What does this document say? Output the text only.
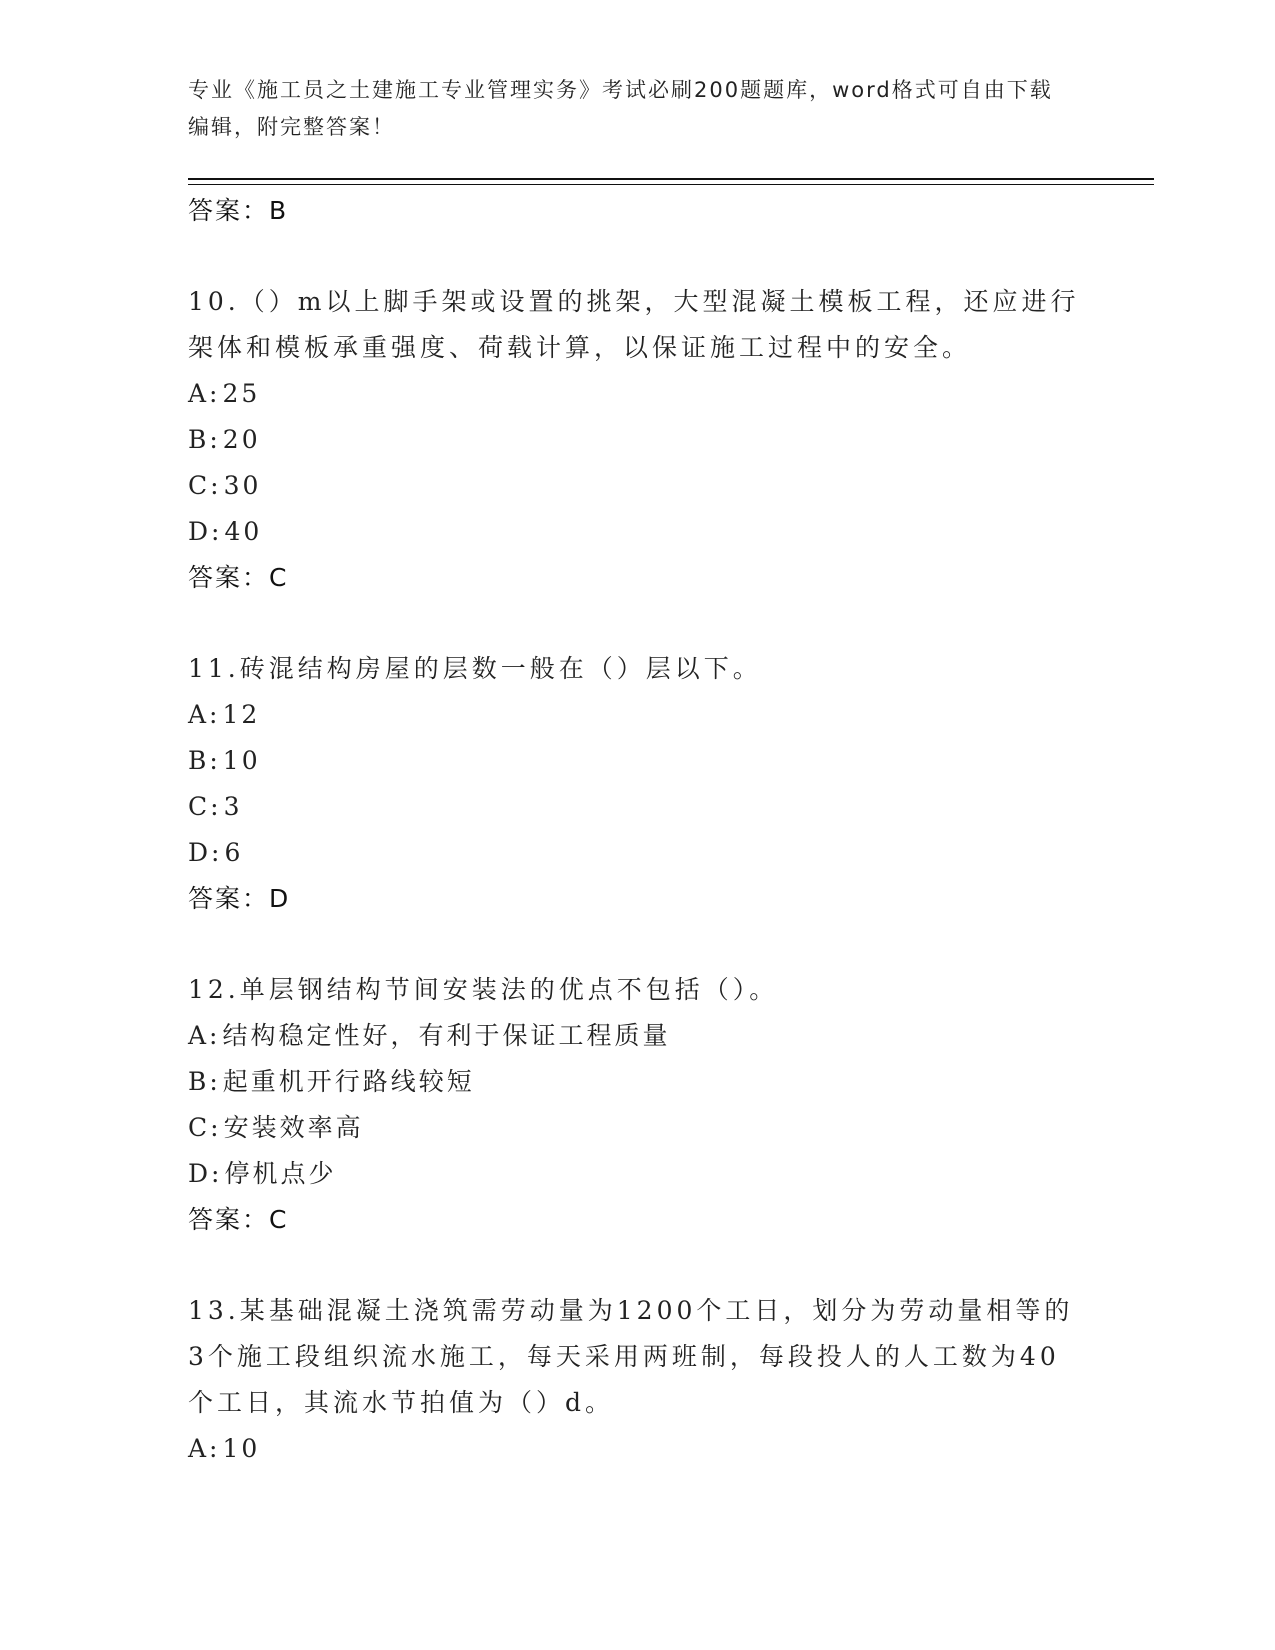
专业《施工员之土建施工专业管理实务》考试必刷200题题库，word格式可自由下载编辑，附完整答案！
答案：B
10.（）m以上脚手架或设置的挑架，大型混凝土模板工程，还应进行架体和模板承重强度、荷载计算，以保证施工过程中的安全。
A:25
B:20
C:30
D:40
答案：C
11.砖混结构房屋的层数一般在（）层以下。
A:12
B:10
C:3
D:6
答案：D
12.单层钢结构节间安装法的优点不包括（）。
A:结构稳定性好，有利于保证工程质量
B:起重机开行路线较短
C:安装效率高
D:停机点少
答案：C
13.某基础混凝土浇筑需劳动量为1200个工日，划分为劳动量相等的3个施工段组织流水施工，每天采用两班制，每段投人的人工数为40个工日，其流水节拍值为（）d。
A:10
